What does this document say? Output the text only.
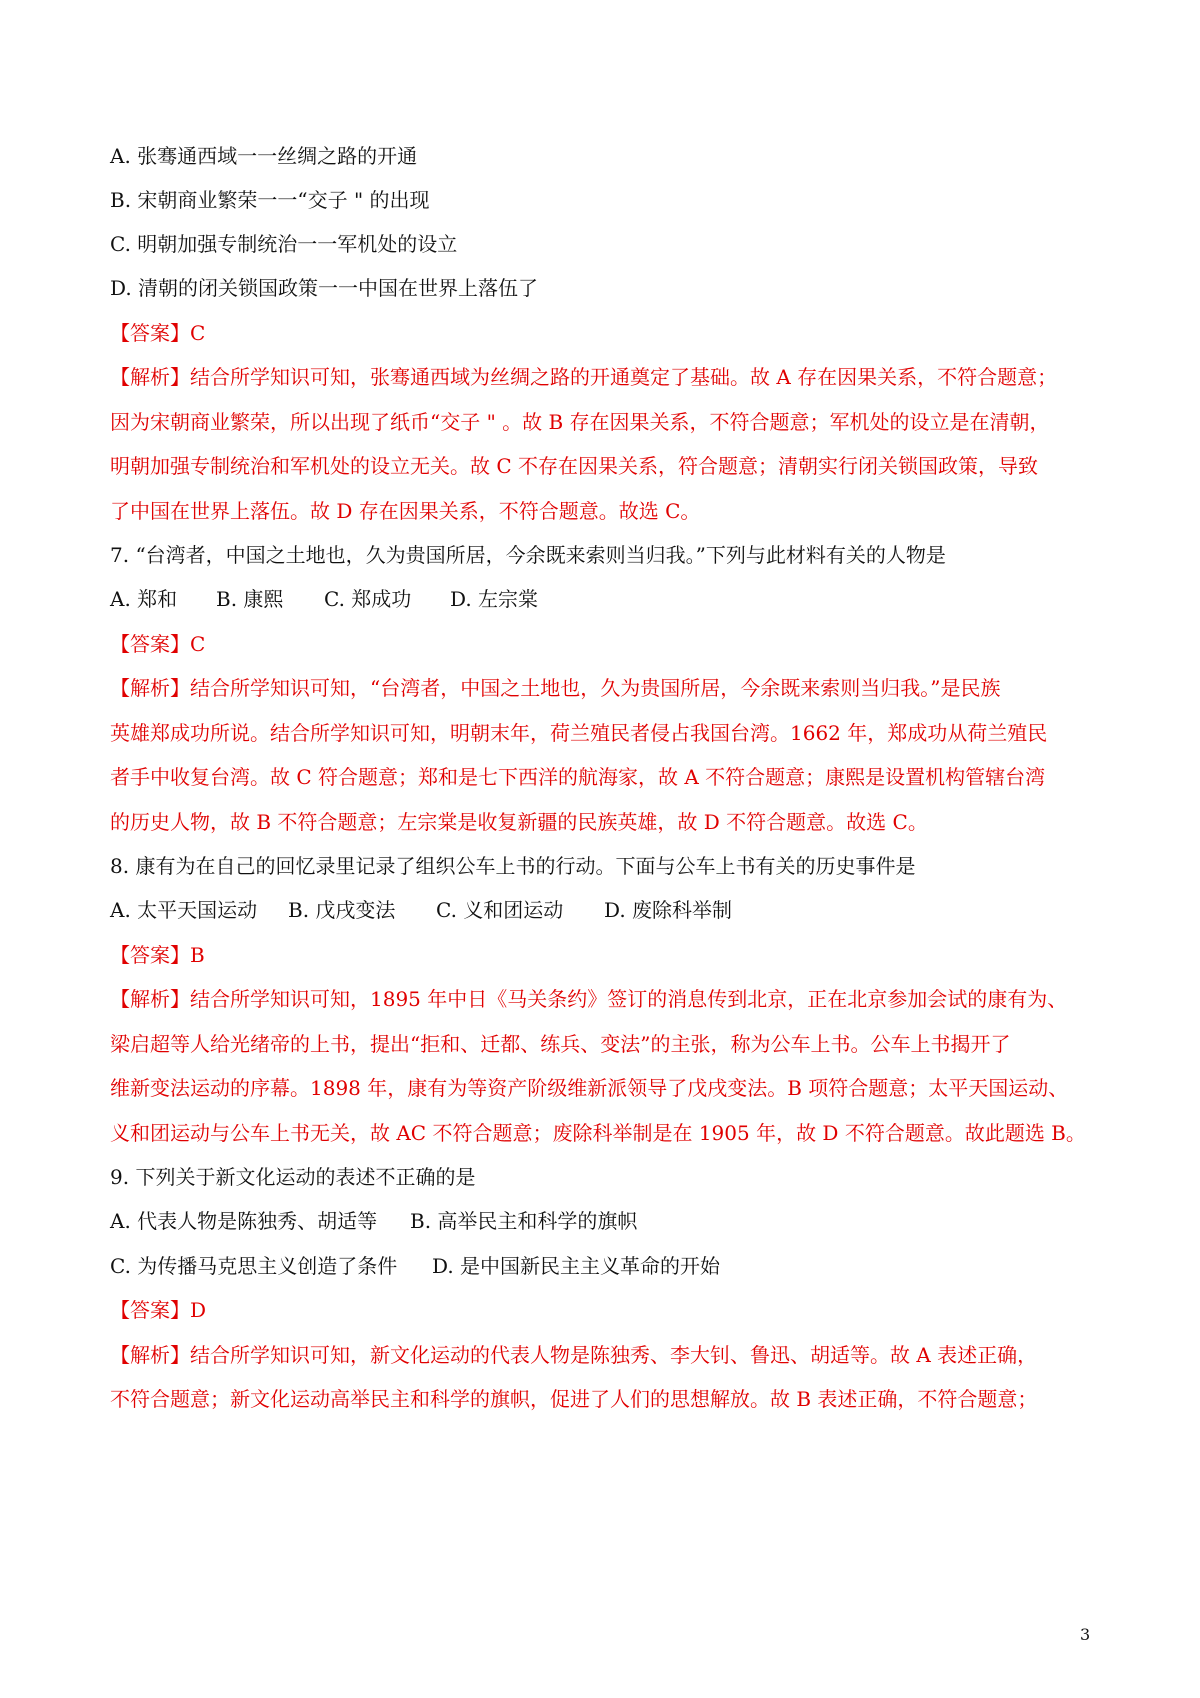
A. 张骞通西域一一丝绸之路的开通
B. 宋朝商业繁荣一一“交子 " 的出现
C. 明朝加强专制统治一一军机处的设立
D. 清朝的闭关锁国政策一一中国在世界上落伍了
【答案】C
【解析】结合所学知识可知，张骞通西域为丝绸之路的开通奠定了基础。故 A 存在因果关系，不符合题意；
因为宋朝商业繁荣，所以出现了纸币“交子 " 。故 B 存在因果关系，不符合题意；军机处的设立是在清朝，
明朝加强专制统治和军机处的设立无关。故 C 不存在因果关系，符合题意；清朝实行闭关锁国政策，导致
了中国在世界上落伍。故 D 存在因果关系，不符合题意。故选 C。
7. “台湾者，中国之土地也，久为贵国所居，今余既来索则当归我。”下列与此材料有关的人物是
A. 郑和 B. 康熙 C. 郑成功 D. 左宗棠
【答案】C
【解析】结合所学知识可知，“台湾者，中国之土地也，久为贵国所居，今余既来索则当归我。”是民族
英雄郑成功所说。结合所学知识可知，明朝末年，荷兰殖民者侵占我国台湾。1662 年，郑成功从荷兰殖民
者手中收复台湾。故 C 符合题意；郑和是七下西洋的航海家，故 A 不符合题意；康熙是设置机构管辖台湾
的历史人物，故 B 不符合题意；左宗棠是收复新疆的民族英雄，故 D 不符合题意。故选 C。
8. 康有为在自己的回忆录里记录了组织公车上书的行动。下面与公车上书有关的历史事件是
A. 太平天国运动 B. 戊戌变法 C. 义和团运动 D. 废除科举制
【答案】B
【解析】结合所学知识可知，1895 年中日《马关条约》签订的消息传到北京，正在北京参加会试的康有为、
梁启超等人给光绪帝的上书，提出“拒和、迁都、练兵、变法”的主张，称为公车上书。公车上书揭开了
维新变法运动的序幕。1898 年，康有为等资产阶级维新派领导了戊戌变法。B 项符合题意；太平天国运动、
义和团运动与公车上书无关，故 AC 不符合题意；废除科举制是在 1905 年，故 D 不符合题意。故此题选 B。
9. 下列关于新文化运动的表述不正确的是
A. 代表人物是陈独秀、胡适等 B. 高举民主和科学的旗帜
C. 为传播马克思主义创造了条件 D. 是中国新民主主义革命的开始
【答案】D
【解析】结合所学知识可知，新文化运动的代表人物是陈独秀、李大钊、鲁迅、胡适等。故 A 表述正确，
不符合题意；新文化运动高举民主和科学的旗帜，促进了人们的思想解放。故 B 表述正确，不符合题意；
3
